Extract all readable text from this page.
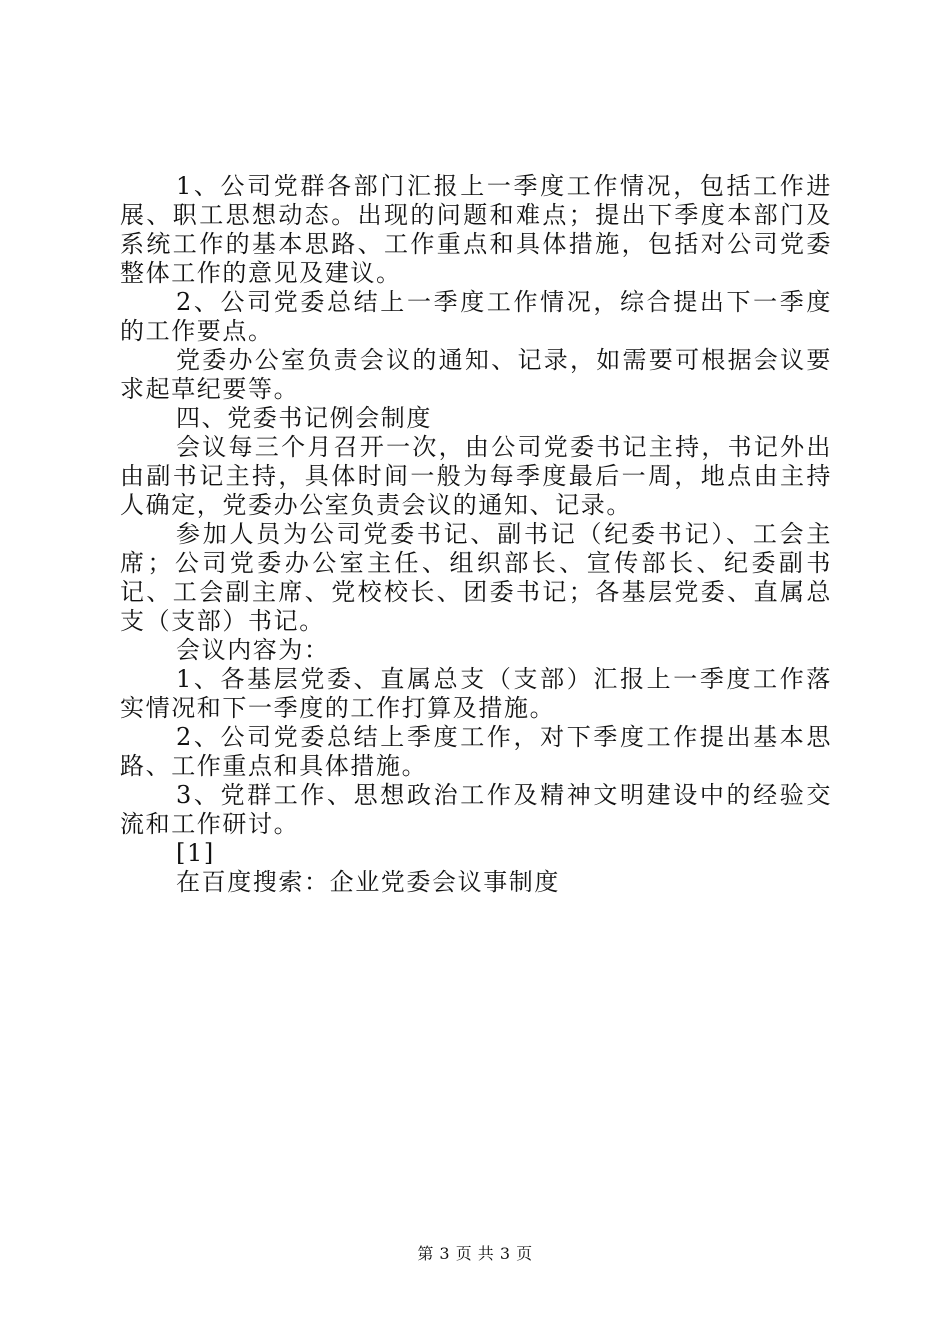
1、公司党群各部门汇报上一季度工作情况，包括工作进展、职工思想动态。出现的问题和难点；提出下季度本部门及系统工作的基本思路、工作重点和具体措施，包括对公司党委整体工作的意见及建议。

2、公司党委总结上一季度工作情况，综合提出下一季度的工作要点。

党委办公室负责会议的通知、记录，如需要可根据会议要求起草纪要等。

四、党委书记例会制度

会议每三个月召开一次，由公司党委书记主持，书记外出由副书记主持，具体时间一般为每季度最后一周，地点由主持人确定，党委办公室负责会议的通知、记录。

参加人员为公司党委书记、副书记（纪委书记）、工会主席；公司党委办公室主任、组织部长、宣传部长、纪委副书记、工会副主席、党校校长、团委书记；各基层党委、直属总支（支部）书记。

会议内容为：

1、各基层党委、直属总支（支部）汇报上一季度工作落实情况和下一季度的工作打算及措施。

2、公司党委总结上季度工作，对下季度工作提出基本思路、工作重点和具体措施。

3、党群工作、思想政治工作及精神文明建设中的经验交流和工作研讨。

[1]

在百度搜索：企业党委会议事制度

第 3 页 共 3 页
